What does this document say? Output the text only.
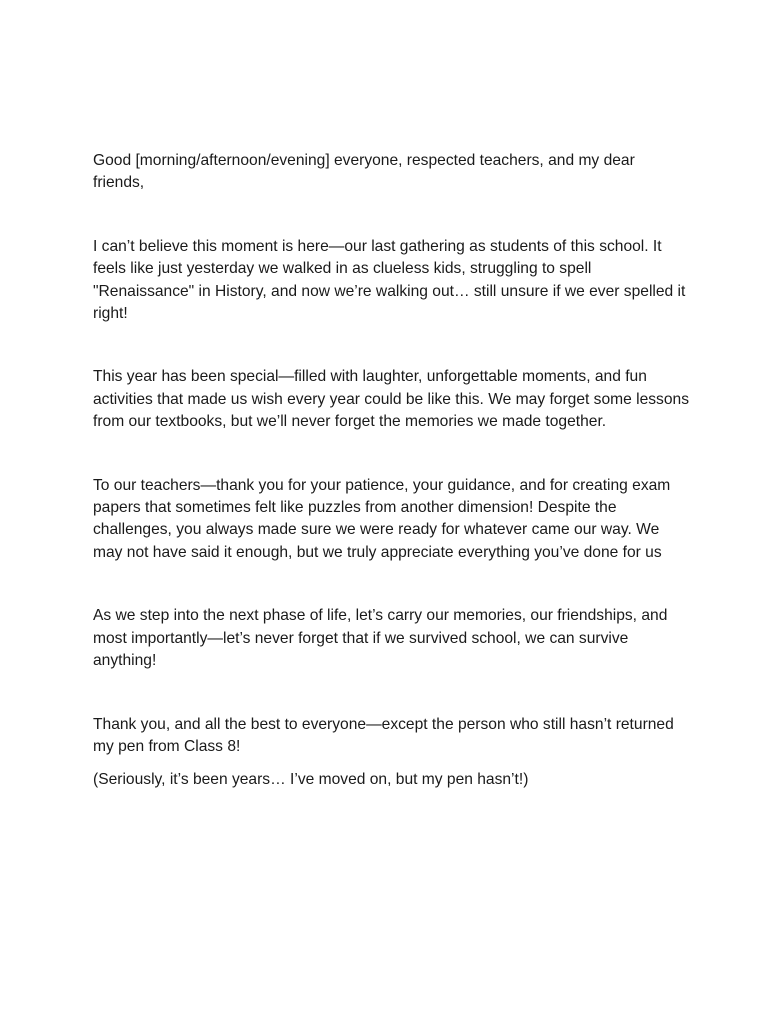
Good [morning/afternoon/evening] everyone, respected teachers, and my dear friends,

I can’t believe this moment is here—our last gathering as students of this school. It feels like just yesterday we walked in as clueless kids, struggling to spell "Renaissance" in History, and now we’re walking out… still unsure if we ever spelled it right!

This year has been special—filled with laughter, unforgettable moments, and fun activities that made us wish every year could be like this. We may forget some lessons from our textbooks, but we’ll never forget the memories we made together.

To our teachers—thank you for your patience, your guidance, and for creating exam papers that sometimes felt like puzzles from another dimension! Despite the challenges, you always made sure we were ready for whatever came our way. We may not have said it enough, but we truly appreciate everything you’ve done for us

As we step into the next phase of life, let’s carry our memories, our friendships, and most importantly—let’s never forget that if we survived school, we can survive anything!

Thank you, and all the best to everyone—except the person who still hasn’t returned my pen from Class 8!

(Seriously, it’s been years… I’ve moved on, but my pen hasn’t!)
